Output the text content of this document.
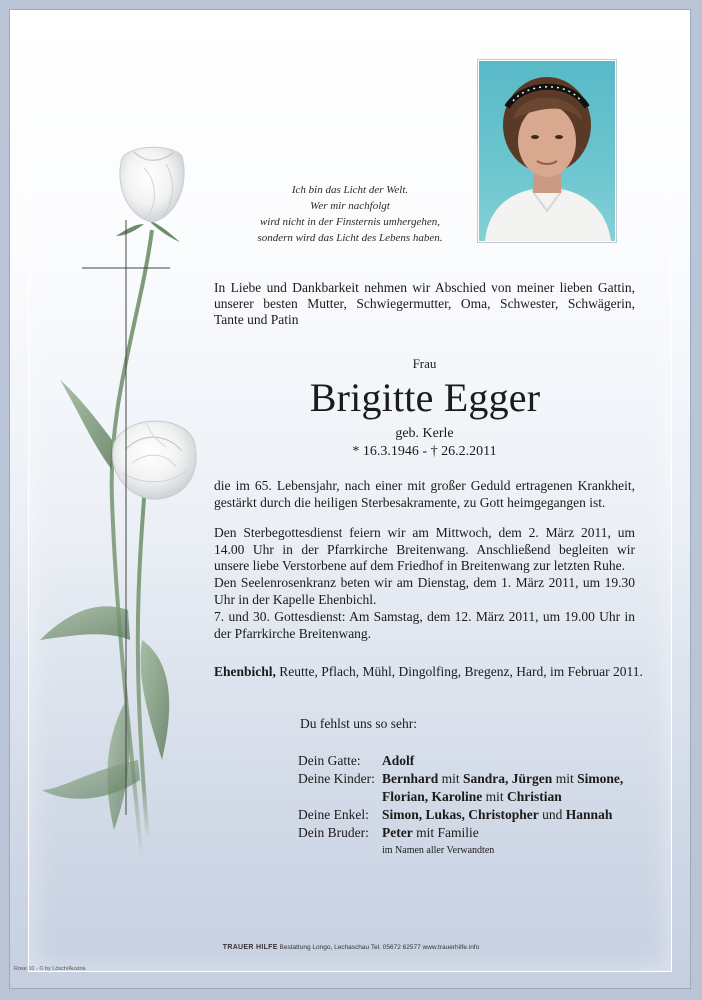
Ich bin das Licht der Welt.
Wer mir nachfolgt
wird nicht in der Finsternis umhergehen,
sondern wird das Licht des Lebens haben.
In Liebe und Dankbarkeit nehmen wir Abschied von meiner lieben Gattin,
unserer besten Mutter, Schwiegermutter, Oma, Schwester, Schwägerin,
Tante und Patin
Frau
Brigitte Egger
geb. Kerle
* 16.3.1946 - † 26.2.2011
die im 65. Lebensjahr, nach einer mit großer Geduld ertragenen Krankheit,
gestärkt durch die heiligen Sterbesakramente, zu Gott heimgegangen ist.
Den Sterbegottesdienst feiern wir am Mittwoch, dem 2. März 2011, um
14.00 Uhr in der Pfarrkirche Breitenwang. Anschließend begleiten wir
unsere liebe Verstorbene auf dem Friedhof in Breitenwang zur letzten Ruhe.
Den Seelenrosenkranz beten wir am Dienstag, dem 1. März 2011, um 19.30
Uhr in der Kapelle Ehenbichl.
7. und 30. Gottesdienst: Am Samstag, dem 12. März 2011, um 19.00 Uhr in
der Pfarrkirche Breitenwang.
Ehenbichl, Reutte, Pflach, Mühl, Dingolfing, Bregenz, Hard, im Februar 2011.
Du fehlst uns so sehr:
Dein Gatte: Adolf
Deine Kinder: Bernhard mit Sandra, Jürgen mit Simone,
Florian, Karoline mit Christian
Deine Enkel: Simon, Lukas, Christopher und Hannah
Dein Bruder: Peter mit Familie
im Namen aller Verwandten
TRAUER HILFE Bestattung Longo, Lechaschau Tel. 05672 62577 www.trauerhilfe.info
Rose 10 - © by Lösch/Austria
